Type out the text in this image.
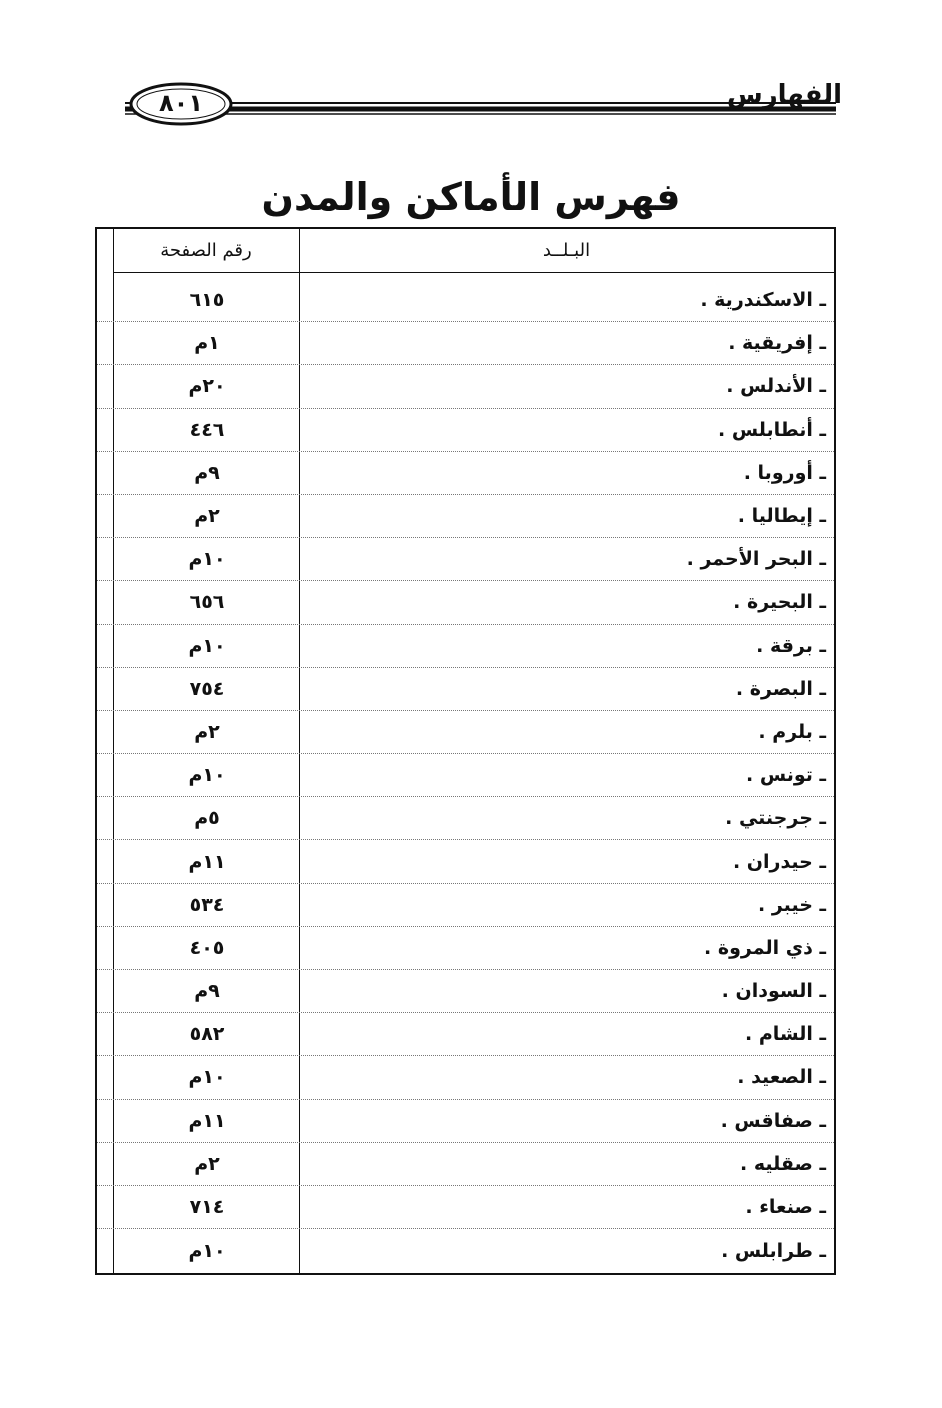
٨٠١	الفهارس
فهرس الأماكن والمدن
رقم الصفحة	البـلــد
ـ الاسكندرية .
٦١٥
ـ إفريقية .
١م
ـ الأندلس .
٢٠م
ـ أنطابلس .
٤٤٦
ـ أوروبا .
٩م
ـ إيطاليا .
٢م
ـ البحر الأحمر .
١٠م
ـ البحيرة .
٦٥٦
ـ برقة .
١٠م
ـ البصرة .
٧٥٤
ـ بلرم .
٢م
ـ تونس .
١٠م
ـ جرجنتي .
٥م
ـ حيدران .
١١م
ـ خيبر .
٥٣٤
ـ ذي المروة .
٤٠٥
ـ السودان .
٩م
ـ الشام .
٥٨٢
ـ الصعيد .
١٠م
ـ صفاقس .
١١م
ـ صقليه .
٢م
ـ صنعاء .
٧١٤
ـ طرابلس .
١٠م
